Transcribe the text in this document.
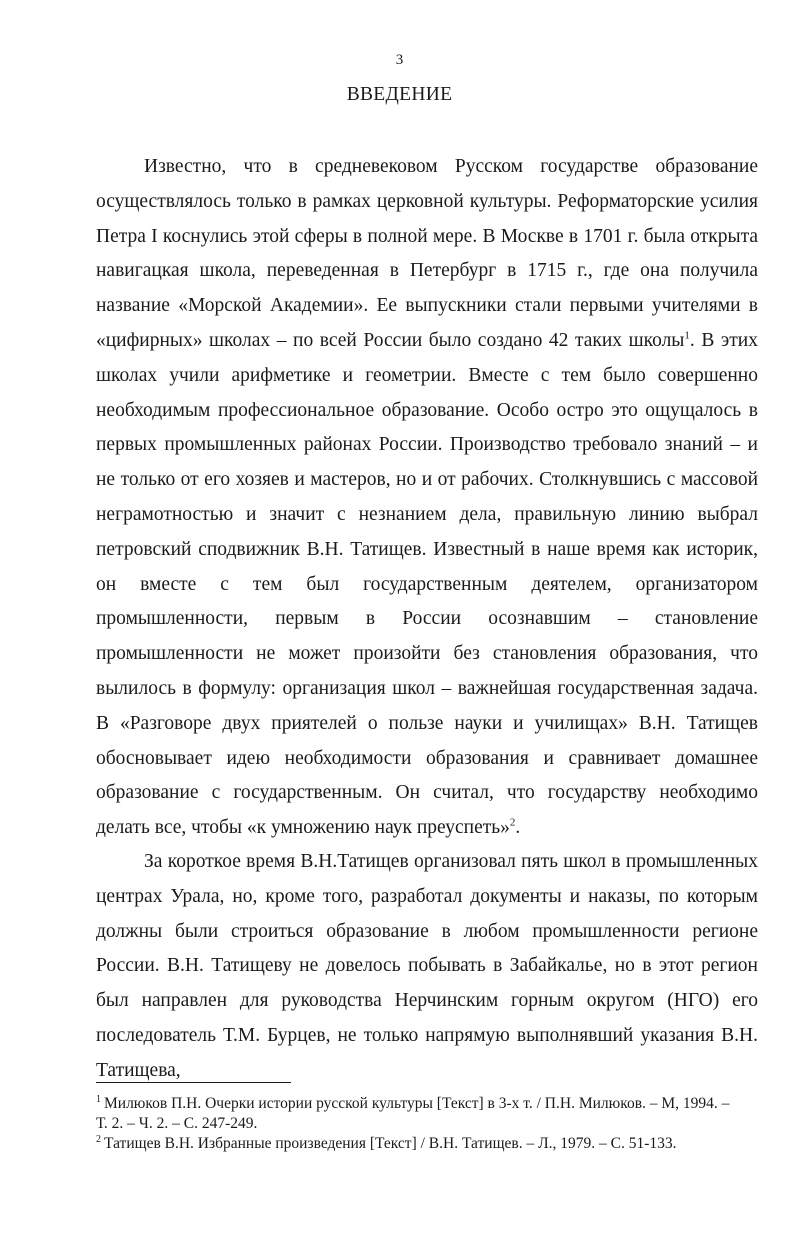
3
ВВЕДЕНИЕ

Известно, что в средневековом Русском государстве образование осуществлялось только в рамках церковной культуры. Реформаторские усилия Петра I коснулись этой сферы в полной мере. В Москве в 1701 г. была открыта навигацкая школа, переведенная в Петербург в 1715 г., где она получила название «Морской Академии». Ее выпускники стали первыми учителями в «цифирных» школах – по всей России было создано 42 таких школы$^1$. В этих школах учили арифметике и геометрии. Вместе с тем было совершенно необходимым профессиональное образование. Особо остро это ощущалось в первых промышленных районах России. Производство требовало знаний – и не только от его хозяев и мастеров, но и от рабочих. Столкнувшись с массовой неграмотностью и значит с незнанием дела, правильную линию выбрал петровский сподвижник В.Н. Татищев. Известный в наше время как историк, он вместе с тем был государственным деятелем, организатором промышленности, первым в России осознавшим – становление промышленности не может произойти без становления образования, что вылилось в формулу: организация школ – важнейшая государственная задача. В «Разговоре двух приятелей о пользе науки и училищах» В.Н. Татищев обосновывает идею необходимости образования и сравнивает домашнее образование с государственным. Он считал, что государству необходимо делать все, чтобы «к умножению наук преуспеть»$^2$.

За короткое время В.Н.Татищев организовал пять школ в промышленных центрах Урала, но, кроме того, разработал документы и наказы, по которым должны были строиться образование в любом промышленности регионе России. В.Н. Татищеву не довелось побывать в Забайкалье, но в этот регион был направлен для руководства Нерчинским горным округом (НГО) его последователь Т.М. Бурцев, не только напрямую выполнявший указания В.Н. Татищева,

$^1$ Милюков П.Н. Очерки истории русской культуры [Текст] в 3-х т. / П.Н. Милюков. – М, 1994. – Т. 2. – Ч. 2. – С. 247-249.

$^2$ Татищев В.Н. Избранные произведения [Текст] / В.Н. Татищев. – Л., 1979. – С. 51-133.
